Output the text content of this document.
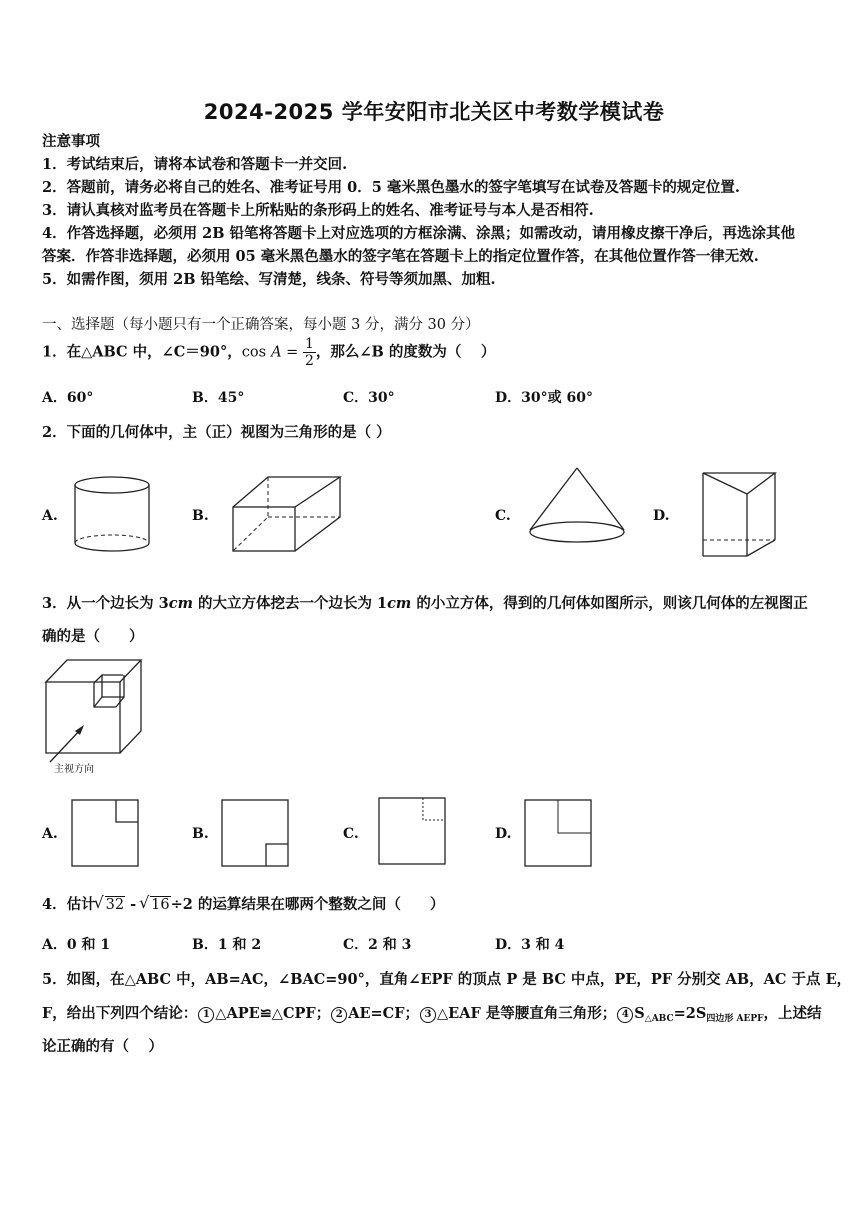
2024-2025 学年安阳市北关区中考数学模试卷
注意事项
1．考试结束后，请将本试卷和答题卡一并交回.
2．答题前，请务必将自己的姓名、准考证号用 0．5 毫米黑色墨水的签字笔填写在试卷及答题卡的规定位置.
3．请认真核对监考员在答题卡上所粘贴的条形码上的姓名、准考证号与本人是否相符.
4．作答选择题，必须用 2B 铅笔将答题卡上对应选项的方框涂满、涂黑；如需改动，请用橡皮擦干净后，再选涂其他
答案．作答非选择题，必须用 05 毫米黑色墨水的签字笔在答题卡上的指定位置作答，在其他位置作答一律无效.
5．如需作图，须用 2B 铅笔绘、写清楚，线条、符号等须加黑、加粗.
一、选择题（每小题只有一个正确答案，每小题 3 分，满分 30 分）
1．在△ABC 中，∠C＝90°，$\cos A = \frac{1}{2}$ ，那么∠B 的度数为（　 ）
A．60°	B．45°	C．30°	D．30°或 60°
2．下面的几何体中，主（正）视图为三角形的是（ ）
A.	B.	C.	D.
3．从一个边长为 3cm 的大立方体挖去一个边长为 1cm 的小立方体，得到的几何体如图所示，则该几何体的左视图正
确的是（　　）
主视方向
A.	B.	C.	D.
4．估计√ 32 - √ 16÷2 的运算结果在哪两个整数之间（　　）
A．0 和 1	B．1 和 2	C．2 和 3	D．3 和 4
5．如图，在△ABC 中，AB=AC，∠BAC=90°，直角∠EPF 的顶点 P 是 BC 中点，PE，PF 分别交 AB，AC 于点 E，
F，给出下列四个结论： 1 △APE≌△CPF； 2 AE=CF； 3 △EAF 是等腰直角三角形； 4 $S_{\triangle ABC}=2S_{四边形 AEPF}$，上述结
论正确的有（　 ）
